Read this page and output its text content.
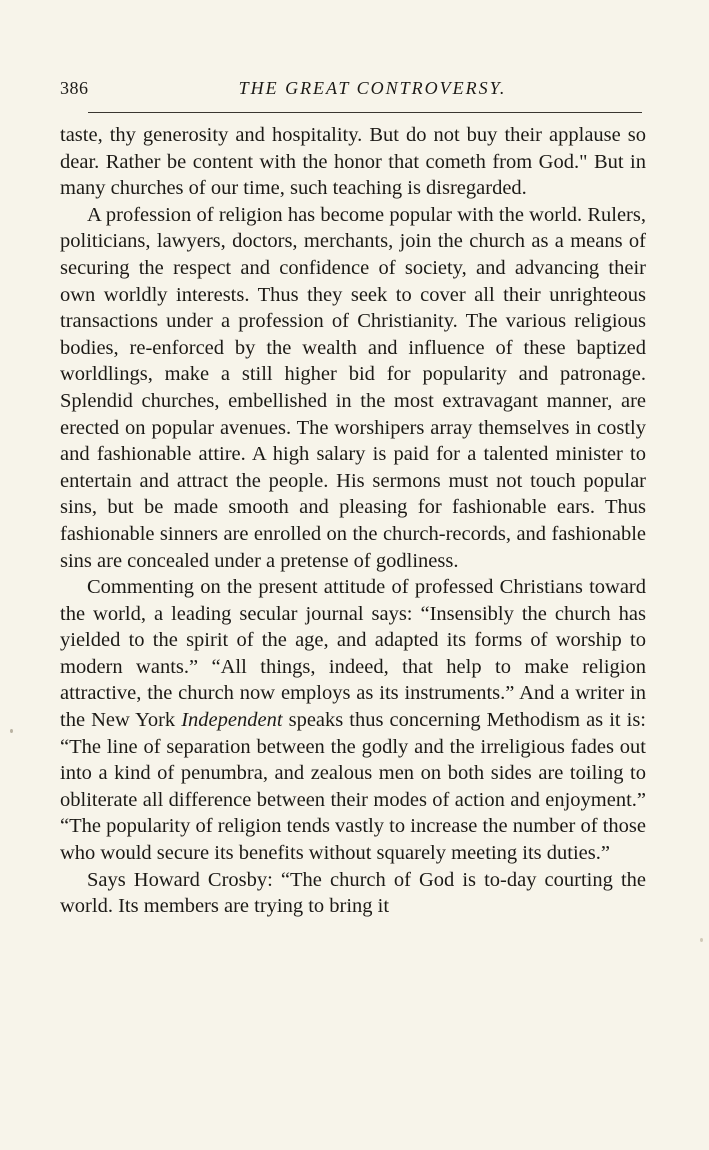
386	THE GREAT CONTROVERSY.

taste, thy generosity and hospitality. But do not buy their applause so dear. Rather be content with the honor that cometh from God." But in many churches of our time, such teaching is disregarded.

A profession of religion has become popular with the world. Rulers, politicians, lawyers, doctors, merchants, join the church as a means of securing the respect and confidence of society, and advancing their own worldly interests. Thus they seek to cover all their unrighteous transactions under a profession of Christianity. The various religious bodies, re-enforced by the wealth and influence of these baptized worldlings, make a still higher bid for popularity and patronage. Splendid churches, embellished in the most extravagant manner, are erected on popular avenues. The worshipers array themselves in costly and fashionable attire. A high salary is paid for a talented minister to entertain and attract the people. His sermons must not touch popular sins, but be made smooth and pleasing for fashionable ears. Thus fashionable sinners are enrolled on the church-records, and fashionable sins are concealed under a pretense of godliness.

Commenting on the present attitude of professed Christians toward the world, a leading secular journal says: “Insensibly the church has yielded to the spirit of the age, and adapted its forms of worship to modern wants.” “All things, indeed, that help to make religion attractive, the church now employs as its instruments.” And a writer in the New York Independent speaks thus concerning Methodism as it is: “The line of separation between the godly and the irreligious fades out into a kind of penumbra, and zealous men on both sides are toiling to obliterate all difference between their modes of action and enjoyment.” “The popularity of religion tends vastly to increase the number of those who would secure its benefits without squarely meeting its duties.”

Says Howard Crosby: “The church of God is to-day courting the world. Its members are trying to bring it
